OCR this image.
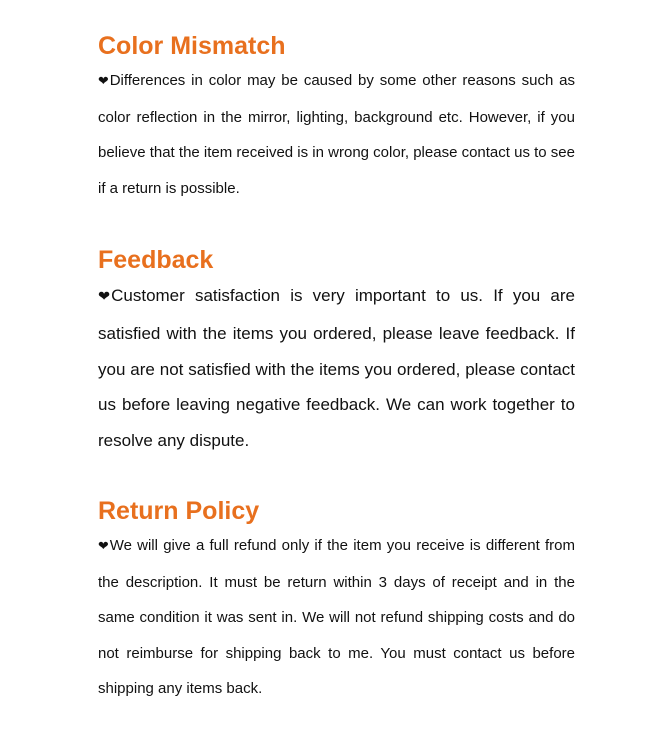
Color Mismatch

❤Differences in color may be caused by some other reasons such as color reflection in the mirror, lighting, background etc. However, if you believe that the item received is in wrong color, please contact us to see if a return is possible.

Feedback

❤Customer satisfaction is very important to us. If you are satisfied with the items you ordered, please leave feedback. If you are not satisfied with the items you ordered, please contact us before leaving negative feedback. We can work together to resolve any dispute.

Return Policy

❤We will give a full refund only if the item you receive is different from the description. It must be return within 3 days of receipt and in the same condition it was sent in. We will not refund shipping costs and do not reimburse for shipping back to me. You must contact us before shipping any items back.
